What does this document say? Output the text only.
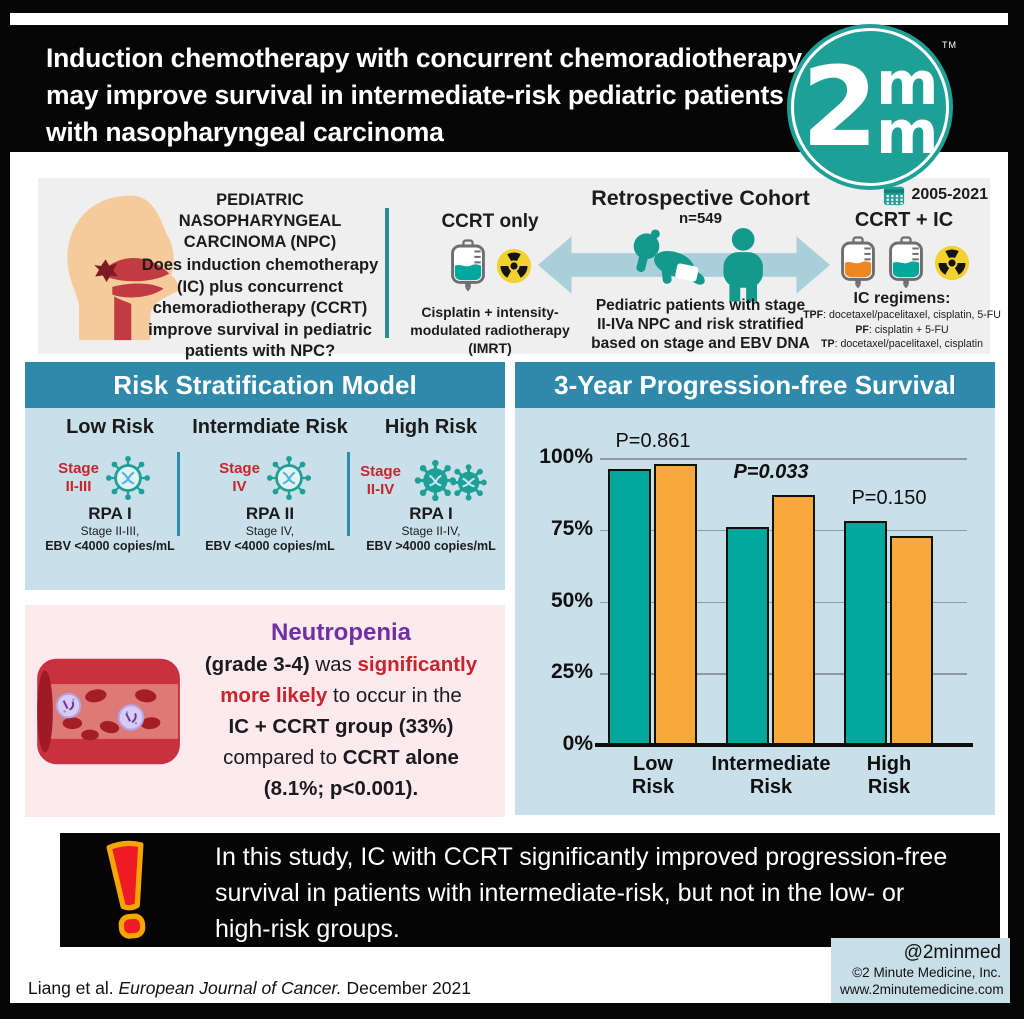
Induction chemotherapy with concurrent chemoradiotherapy
may improve survival in intermediate-risk pediatric patients
with nasopharyngeal carcinoma	2 m
m
TM
PEDIATRIC NASOPHARYNGEAL
CARCINOMA (NPC)
Does induction chemotherapy (IC) plus concurrenct chemoradiotherapy (CCRT) improve survival in pediatric patients with NPC?
CCRT only
Cisplatin + intensity-modulated radiotherapy (IMRT)
Retrospective Cohort
n=549
Pediatric patients with stage
II-IVa NPC and risk stratified
based on stage and EBV DNA
2005-2021
CCRT + IC
IC regimens:
TPF: docetaxel/pacelitaxel, cisplatin, 5-FU
PF: cisplatin + 5-FU
TP: docetaxel/pacelitaxel, cisplatin
Risk Stratification Model
Low Risk	Intermdiate Risk	High Risk
Stage
II-III
Stage
IV
Stage
II-IV
RPA I
Stage II-III,
EBV <4000 copies/mL
RPA II
Stage IV,
EBV <4000 copies/mL
RPA I
Stage II-IV,
EBV >4000 copies/mL
3-Year Progression-free Survival
100%
75%
50%
25%
0%
P=0.861
Low
Risk
P=0.033
Intermediate
Risk
P=0.150
High
Risk
Neutropenia
(grade 3-4) was significantly
more likely to occur in the
IC + CCRT group (33%)
compared to CCRT alone
(8.1%; p<0.001).
In this study, IC with CCRT significantly improved progression-free
survival in patients with intermediate-risk, but not in the low- or
high-risk groups.
Liang et al. European Journal of Cancer. December 2021
@2minmed
©2 Minute Medicine, Inc.
www.2minutemedicine.com
